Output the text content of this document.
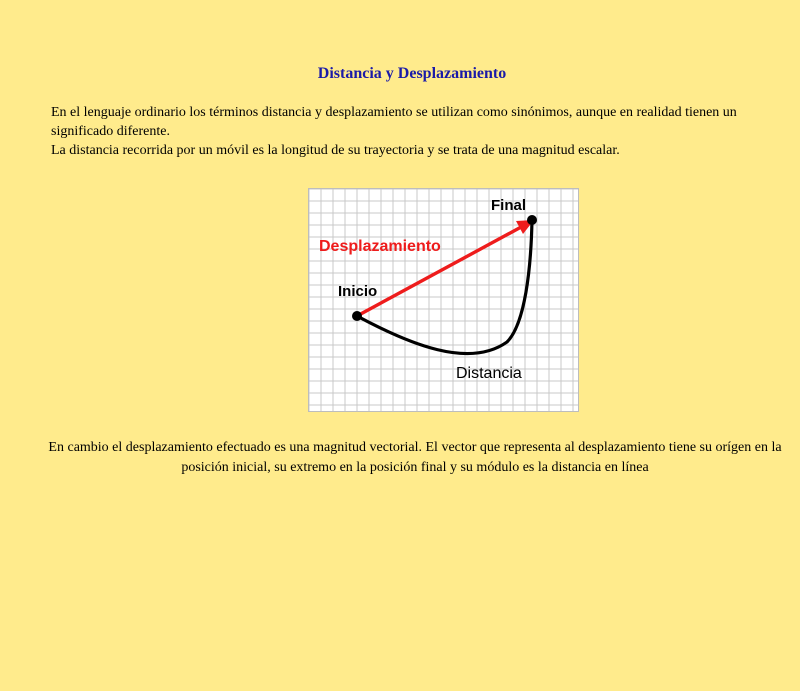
Distancia y Desplazamiento

En el lenguaje ordinario los términos distancia y desplazamiento se utilizan como sinónimos, aunque en realidad tienen un significado diferente.

La distancia recorrida por un móvil es la longitud de su trayectoria y se trata de una magnitud escalar.

Final
Desplazamiento
Inicio
Distancia

En cambio el desplazamiento efectuado es una magnitud vectorial. El vector que representa al desplazamiento tiene su orígen en la posición inicial, su extremo en la posición final y su módulo es la distancia en línea
